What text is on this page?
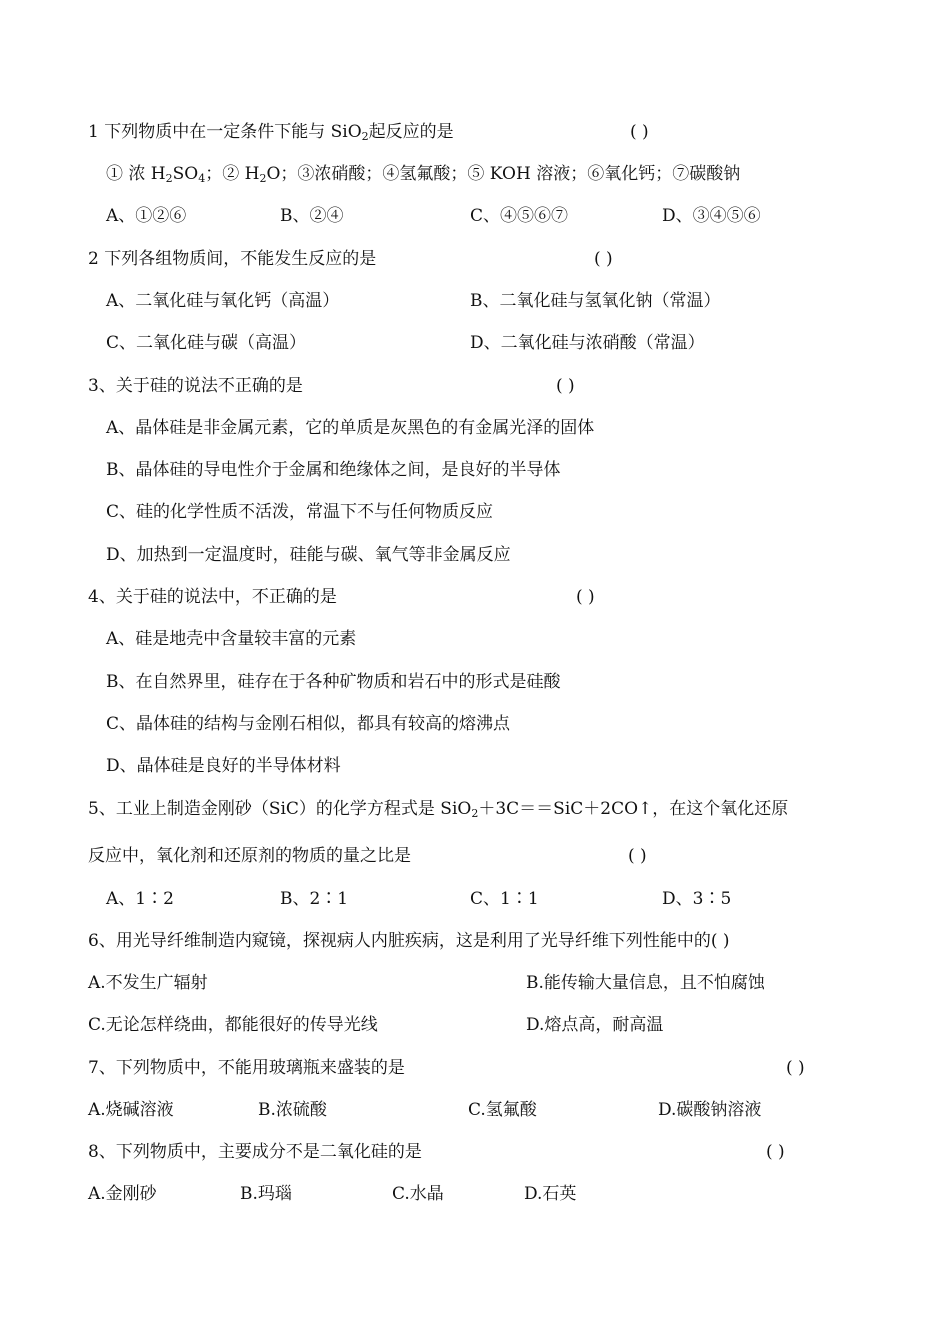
1 下列物质中在一定条件下能与 SiO$_2$起反应的是	( )
① 浓 $H_2SO_4$；② $H_2O$；③浓硝酸；④氢氟酸；⑤ KOH 溶液；⑥氧化钙；⑦碳酸钠
A、①②⑥	B、②④	C、④⑤⑥⑦	D、③④⑤⑥
2 下列各组物质间，不能发生反应的是	( )
A、二氧化硅与氧化钙（高温）	B、二氧化硅与氢氧化钠（常温）
C、二氧化硅与碳（高温）	D、二氧化硅与浓硝酸（常温）
3、关于硅的说法不正确的是	( )
A、晶体硅是非金属元素，它的单质是灰黑色的有金属光泽的固体
B、晶体硅的导电性介于金属和绝缘体之间，是良好的半导体
C、硅的化学性质不活泼，常温下不与任何物质反应
D、加热到一定温度时，硅能与碳、氧气等非金属反应
4、关于硅的说法中，不正确的是	( )
A、硅是地壳中含量较丰富的元素
B、在自然界里，硅存在于各种矿物质和岩石中的形式是硅酸
C、晶体硅的结构与金刚石相似，都具有较高的熔沸点
D、晶体硅是良好的半导体材料
5、工业上制造金刚砂（SiC）的化学方程式是 SiO$_2$＋3C＝＝SiC＋2CO↑，在这个氧化还原
反应中，氧化剂和还原剂的物质的量之比是	( )
A、1∶2	B、2∶1	C、1∶1	D、3∶5
6、用光导纤维制造内窥镜，探视病人内脏疾病，这是利用了光导纤维下列性能中的( )
A.不发生广辐射	B.能传输大量信息，且不怕腐蚀
C.无论怎样绕曲，都能很好的传导光线	D.熔点高，耐高温
7、下列物质中，不能用玻璃瓶来盛装的是	( )
A.烧碱溶液	B.浓硫酸	C.氢氟酸	D.碳酸钠溶液
8、下列物质中，主要成分不是二氧化硅的是	( )
A.金刚砂	B.玛瑙	C.水晶	D.石英
